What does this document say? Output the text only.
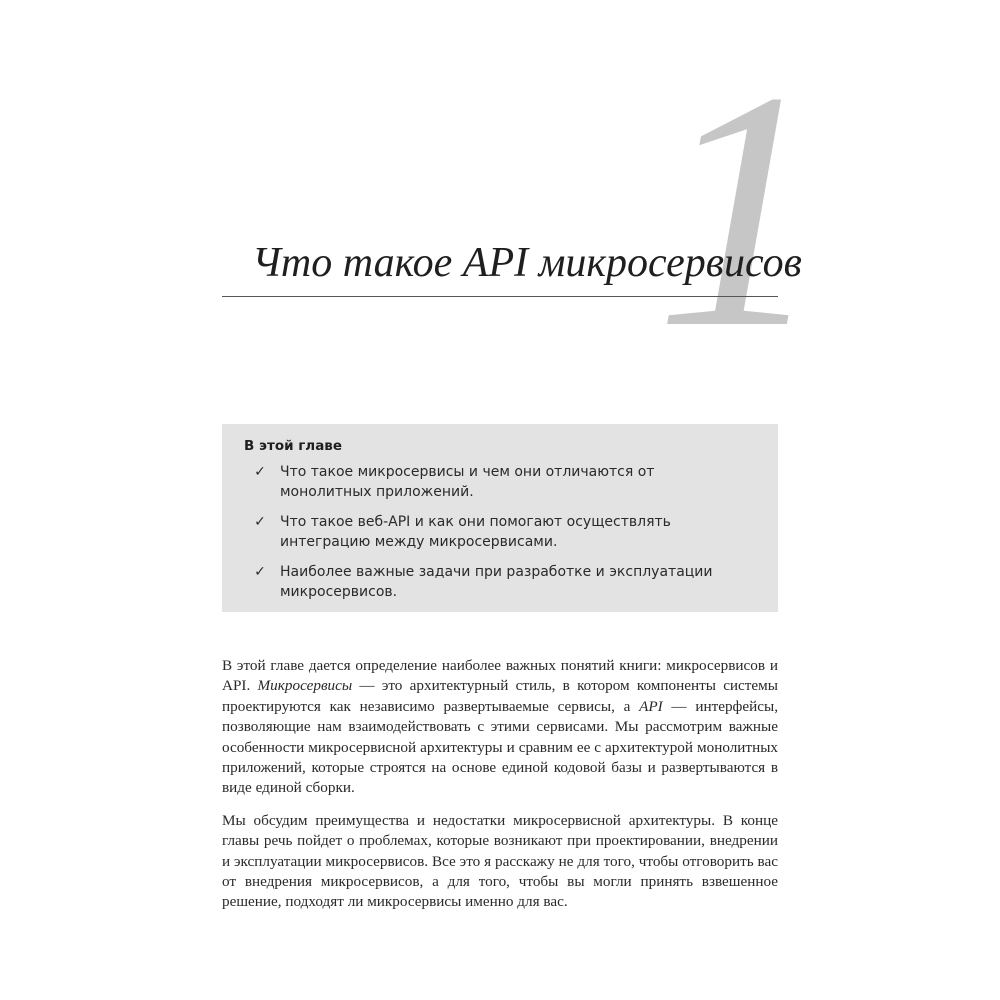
1
Что такое API микросервисов

В этой главе

✓ Что такое микросервисы и чем они отличаются от монолитных приложений.
✓ Что такое веб-API и как они помогают осуществлять интеграцию между микросервисами.
✓ Наиболее важные задачи при разработке и эксплуатации микросервисов.

В этой главе дается определение наиболее важных понятий книги: микросервисов и API. Микросервисы — это архитектурный стиль, в котором компоненты системы проектируются как независимо развертываемые сервисы, а API — интерфейсы, позволяющие нам взаимодействовать с этими сервисами. Мы рассмотрим важные особенности микросервисной архитектуры и сравним ее с архитектурой монолитных приложений, которые строятся на основе единой кодовой базы и развертываются в виде единой сборки.

Мы обсудим преимущества и недостатки микросервисной архитектуры. В конце главы речь пойдет о проблемах, которые возникают при проектировании, внедрении и эксплуатации микросервисов. Все это я расскажу не для того, чтобы отговорить вас от внедрения микросервисов, а для того, чтобы вы могли принять взвешенное решение, подходят ли микросервисы именно для вас.
